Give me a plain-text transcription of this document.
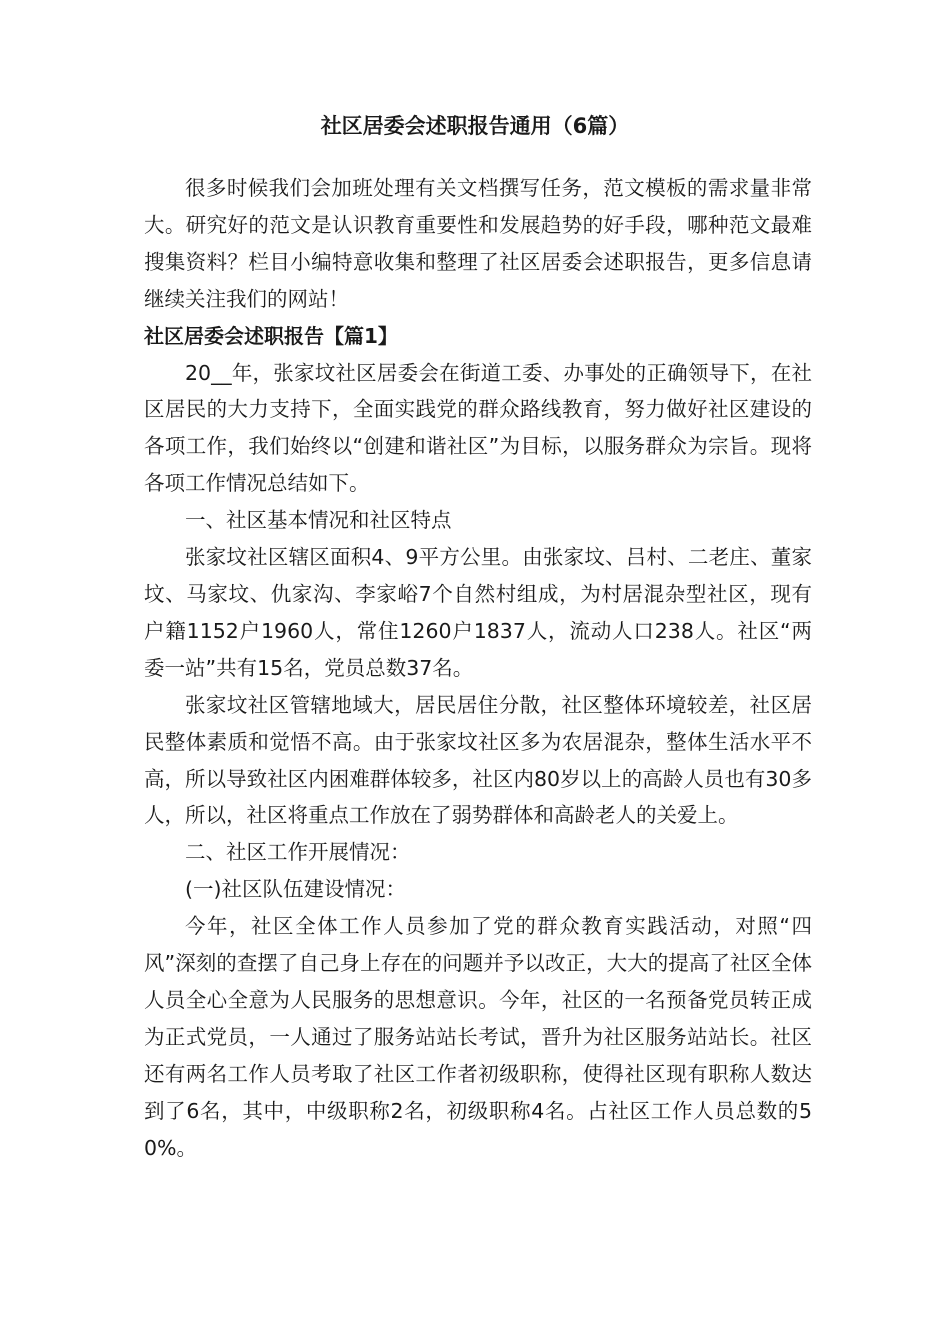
社区居委会述职报告通用（6篇）

很多时候我们会加班处理有关文档撰写任务，范文模板的需求量非常大。研究好的范文是认识教育重要性和发展趋势的好手段，哪种范文最难搜集资料？栏目小编特意收集和整理了社区居委会述职报告，更多信息请继续关注我们的网站！

社区居委会述职报告【篇1】

20__年，张家坟社区居委会在街道工委、办事处的正确领导下，在社区居民的大力支持下，全面实践党的群众路线教育，努力做好社区建设的各项工作，我们始终以“创建和谐社区”为目标，以服务群众为宗旨。现将各项工作情况总结如下。

一、社区基本情况和社区特点

张家坟社区辖区面积4、9平方公里。由张家坟、吕村、二老庄、董家坟、马家坟、仇家沟、李家峪7个自然村组成，为村居混杂型社区，现有户籍1152户1960人，常住1260户1837人，流动人口238人。社区“两委一站”共有15名，党员总数37名。

张家坟社区管辖地域大，居民居住分散，社区整体环境较差，社区居民整体素质和觉悟不高。由于张家坟社区多为农居混杂，整体生活水平不高，所以导致社区内困难群体较多，社区内80岁以上的高龄人员也有30多人，所以，社区将重点工作放在了弱势群体和高龄老人的关爱上。

二、社区工作开展情况：

(一)社区队伍建设情况：

今年，社区全体工作人员参加了党的群众教育实践活动，对照“四风”深刻的查摆了自己身上存在的问题并予以改正，大大的提高了社区全体人员全心全意为人民服务的思想意识。今年，社区的一名预备党员转正成为正式党员，一人通过了服务站站长考试，晋升为社区服务站站长。社区还有两名工作人员考取了社区工作者初级职称，使得社区现有职称人数达到了6名，其中，中级职称2名，初级职称4名。占社区工作人员总数的50%。
